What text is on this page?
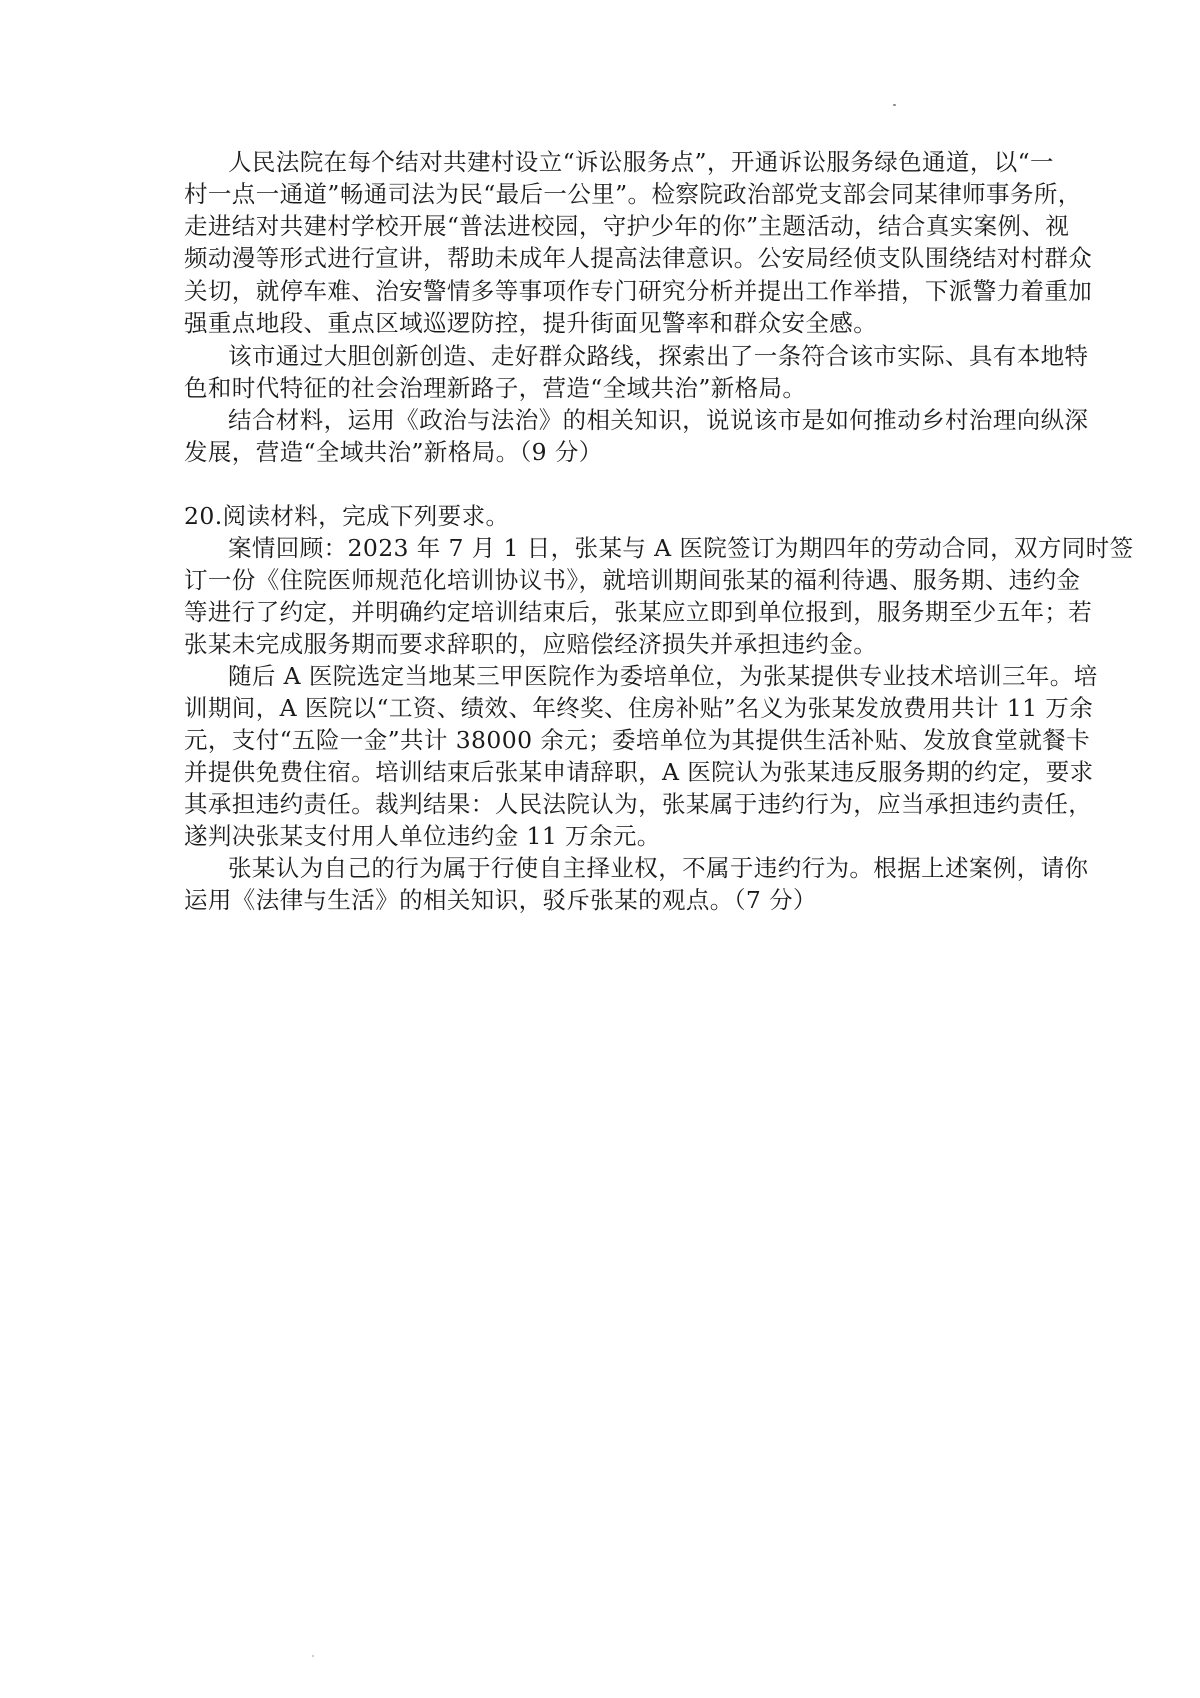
人民法院在每个结对共建村设立“诉讼服务点”，开通诉讼服务绿色通道，以“一
村一点一通道”畅通司法为民“最后一公里”。检察院政治部党支部会同某律师事务所，
走进结对共建村学校开展“普法进校园，守护少年的你”主题活动，结合真实案例、视
频动漫等形式进行宣讲，帮助未成年人提高法律意识。公安局经侦支队围绕结对村群众
关切，就停车难、治安警情多等事项作专门研究分析并提出工作举措，下派警力着重加
强重点地段、重点区域巡逻防控，提升街面见警率和群众安全感。
该市通过大胆创新创造、走好群众路线，探索出了一条符合该市实际、具有本地特
色和时代特征的社会治理新路子，营造“全域共治”新格局。
结合材料，运用《政治与法治》的相关知识，说说该市是如何推动乡村治理向纵深
发展，营造“全域共治”新格局。（9 分）
20.阅读材料，完成下列要求。
案情回顾：2023 年 7 月 1 日，张某与 A 医院签订为期四年的劳动合同，双方同时签
订一份《住院医师规范化培训协议书》，就培训期间张某的福利待遇、服务期、违约金
等进行了约定，并明确约定培训结束后，张某应立即到单位报到，服务期至少五年；若
张某未完成服务期而要求辞职的，应赔偿经济损失并承担违约金。
随后 A 医院选定当地某三甲医院作为委培单位，为张某提供专业技术培训三年。培
训期间，A 医院以“工资、绩效、年终奖、住房补贴”名义为张某发放费用共计 11 万余
元，支付“五险一金”共计 38000 余元；委培单位为其提供生活补贴、发放食堂就餐卡
并提供免费住宿。培训结束后张某申请辞职，A 医院认为张某违反服务期的约定，要求
其承担违约责任。裁判结果：人民法院认为，张某属于违约行为，应当承担违约责任，
遂判决张某支付用人单位违约金 11 万余元。
张某认为自己的行为属于行使自主择业权，不属于违约行为。根据上述案例，请你
运用《法律与生活》的相关知识，驳斥张某的观点。（7 分）
